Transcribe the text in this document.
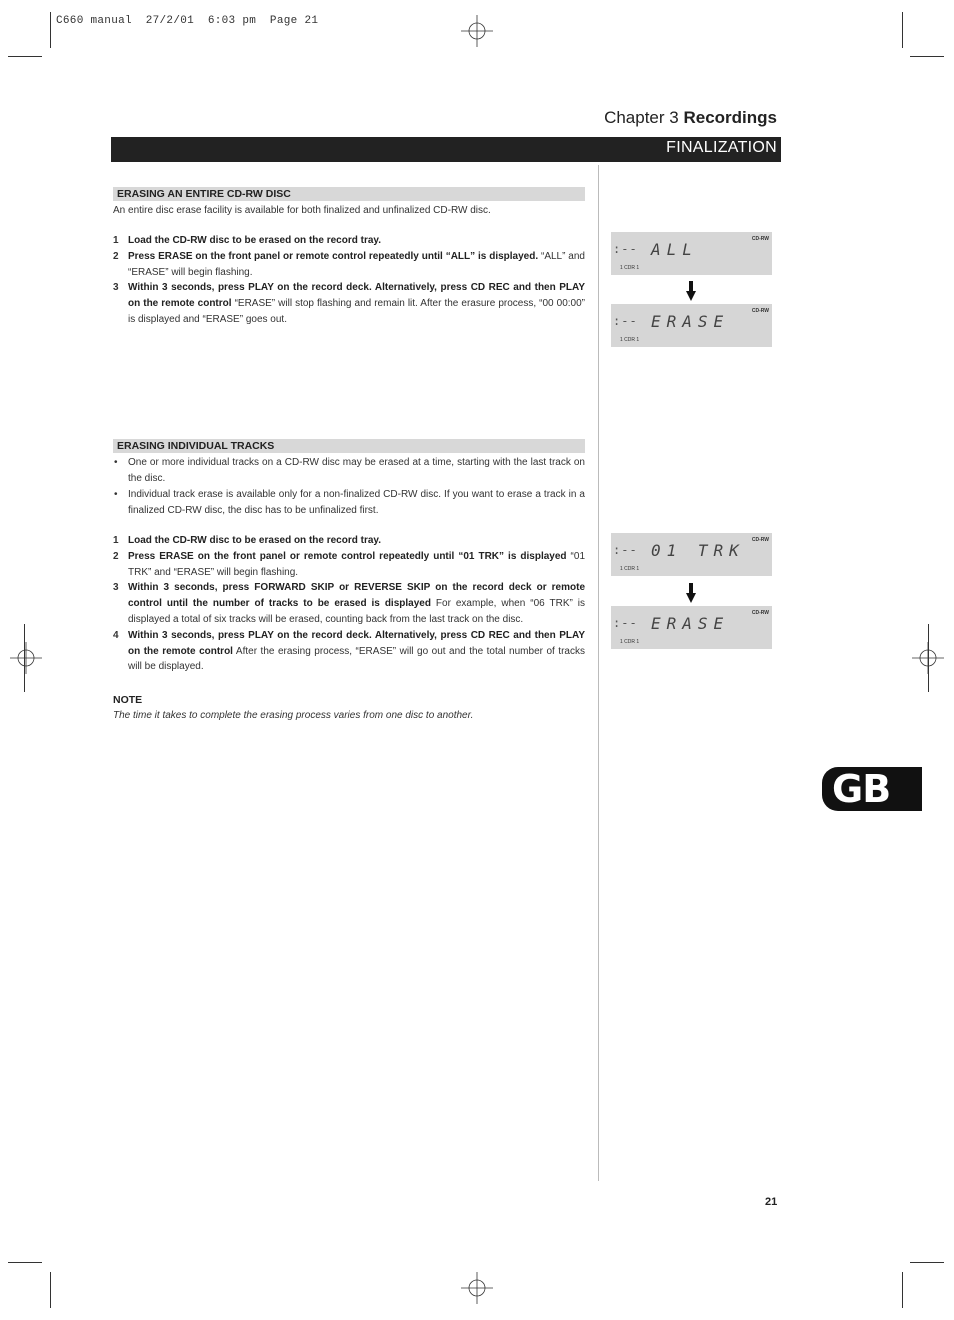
C660 manual  27/2/01  6:03 pm  Page 21
Chapter 3 Recordings
FINALIZATION
ERASING AN ENTIRE CD-RW DISC
An entire disc erase facility is available for both finalized and unfinalized CD-RW disc.
1 Load the CD-RW disc to be erased on the record tray.
2 Press ERASE on the front panel or remote control repeatedly until “ALL” is displayed. “ALL” and “ERASE” will begin flashing.
3 Within 3 seconds, press PLAY on the record deck. Alternatively, press CD REC and then PLAY on the remote control “ERASE” will stop flashing and remain lit. After the erasure process, “00 00:00” is displayed and “ERASE” goes out.
ERASING INDIVIDUAL TRACKS
• One or more individual tracks on a CD-RW disc may be erased at a time, starting with the last track on the disc.
• Individual track erase is available only for a non-finalized CD-RW disc. If you want to erase a track in a finalized CD-RW disc, the disc has to be unfinalized first.
1 Load the CD-RW disc to be erased on the record tray.
2 Press ERASE on the front panel or remote control repeatedly until “01 TRK” is displayed “01 TRK” and “ERASE” will begin flashing.
3 Within 3 seconds, press FORWARD SKIP or REVERSE SKIP on the record deck or remote control until the number of tracks to be erased is displayed For example, when “06 TRK” is displayed a total of six tracks will be erased, counting back from the last track on the disc.
4 Within 3 seconds, press PLAY on the record deck. Alternatively, press CD REC and then PLAY on the remote control After the erasing process, “ERASE” will go out and the total number of tracks will be displayed.
NOTE
The time it takes to complete the erasing process varies from one disc to another.
:-- ALL
CD-RW
1 CDR 1
:-- ERASE
CD-RW
1 CDR 1
:-- 01 TRK
CD-RW
1 CDR 1
:-- ERASE
CD-RW
1 CDR 1
GB
21
